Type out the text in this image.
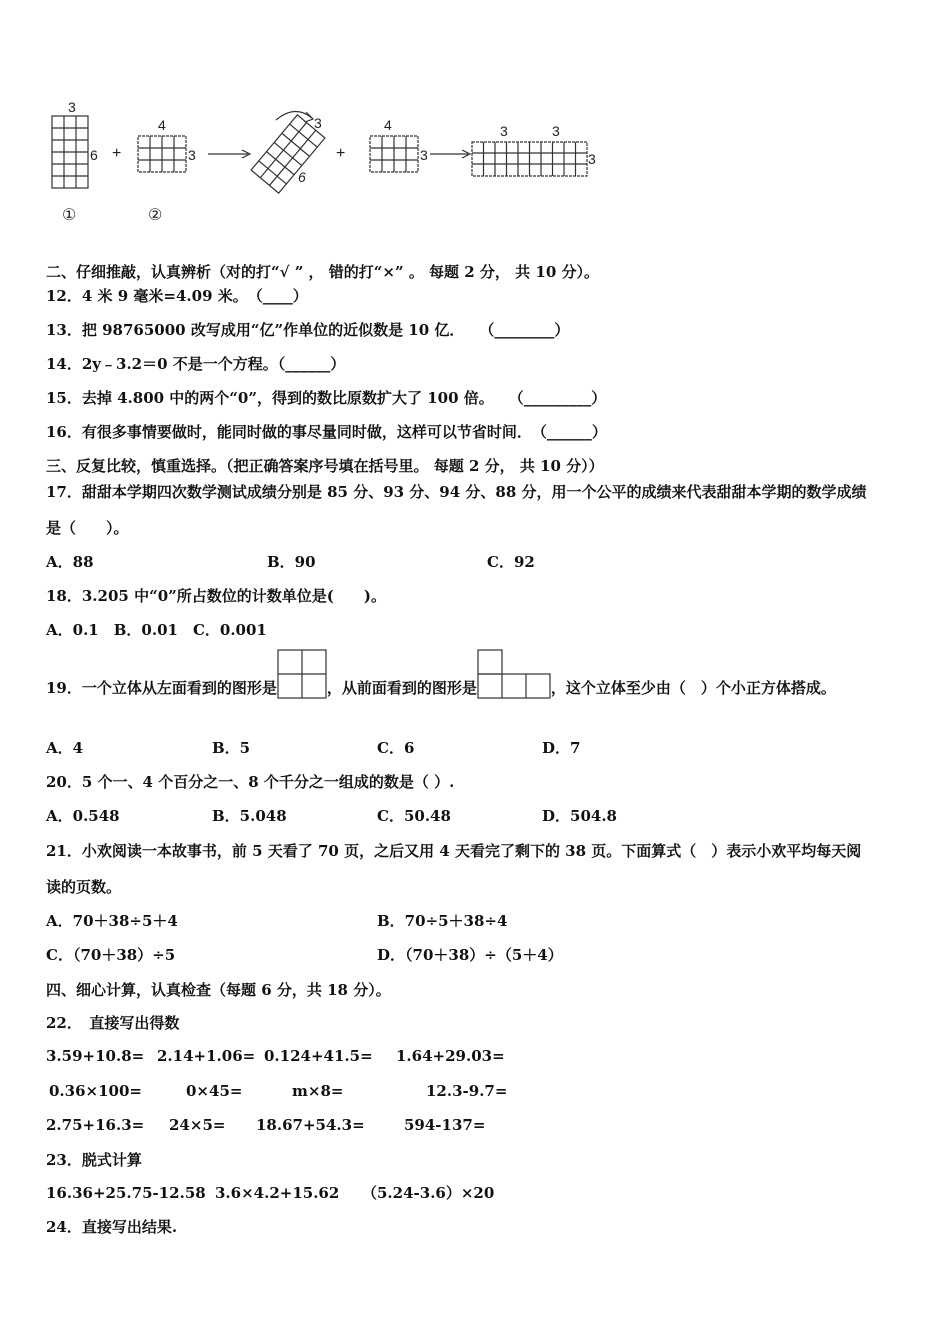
3
6
4
3
3
6
4
3
3	3
3
①	②
+	+
二、仔细推敲，认真辨析（对的打“√ ” ， 错的打“×” 。 每题 2 分， 共 10 分）。
12．4 米 9 毫米=4.09 米。　（____）
13．把 98765000 改写成用“亿”作单位的近似数是 10 亿．　　（________）
14．2y﹣3.2＝0 不是一个方程。（______）
15．去掉 4.800 中的两个“0”，得到的数比原数扩大了 100 倍。　　（_________）
16．有很多事情要做时，能同时做的事尽量同时做，这样可以节省时间．　（______）
三、反复比较，慎重选择。（把正确答案序号填在括号里。 每题 2 分， 共 10 分））
17．甜甜本学期四次数学测试成绩分别是 85 分、93 分、94 分、88 分，用一个公平的成绩来代表甜甜本学期的数学成绩
是（　　）。
A．88	B．90	C．92
18．3.205 中“0”所占数位的计数单位是(　　)。
A．0.1　B．0.01　C．0.001
19．一个立体从左面看到的图形是	，从前面看到的图形是	，这个立体至少由（　）个小正方体搭成。
A．4	B．5	C．6	D．7
20．5 个一、4 个百分之一、8 个千分之一组成的数是（ ）.
A．0.548	B．5.048	C．50.48	D．504.8
21．小欢阅读一本故事书，前 5 天看了 70 页，之后又用 4 天看完了剩下的 38 页。下面算式（　）表示小欢平均每天阅
读的页数。
A．70＋38÷5＋4	B．70÷5＋38÷4
C．（70＋38）÷5	D．（70＋38）÷（5＋4）
四、细心计算，认真检查（每题 6 分，共 18 分）。
22．　直接写出得数
3.59+10.8= 2.14+1.06= 0.124+41.5= 1.64+29.03=
0.36×100=	0×45=	m×8=	12.3-9.7=
2.75+16.3= 24×5= 18.67+54.3=	594-137=
23．脱式计算
16.36+25.75-12.58 3.6×4.2+15.62 （5.24-3.6）×20
24．直接写出结果.
